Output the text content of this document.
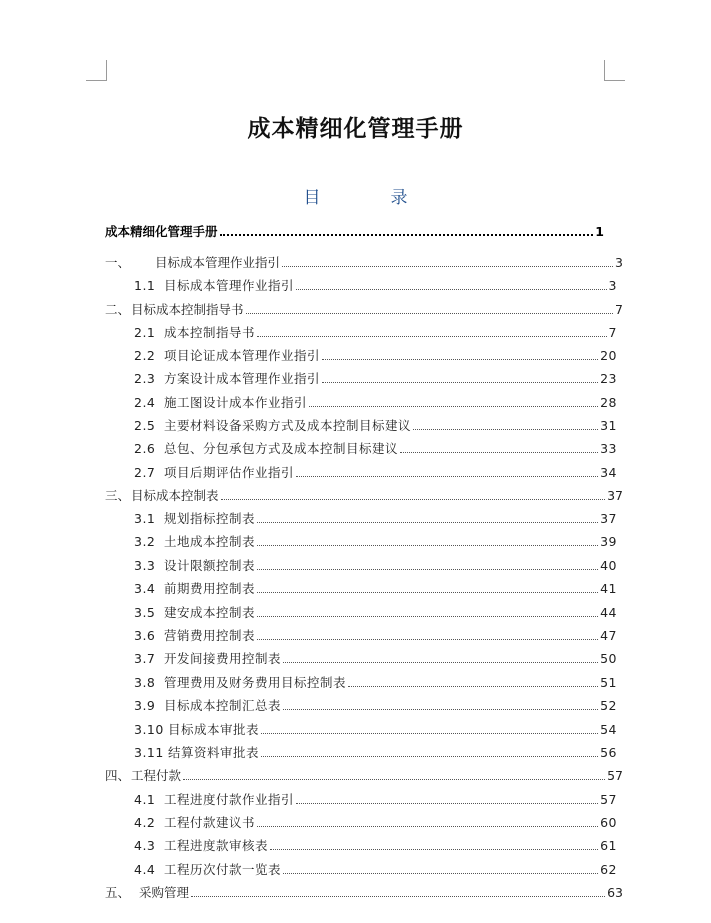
成本精细化管理手册
目	录
成本精细化管理手册	1
一、	目标成本管理作业指引	3
1.1 目标成本管理作业指引	3
二、 目标成本控制指导书	7
2.1 成本控制指导书	7
2.2 项目论证成本管理作业指引	20
2.3 方案设计成本管理作业指引	23
2.4 施工图设计成本作业指引	28
2.5 主要材料设备采购方式及成本控制目标建议	31
2.6 总包、分包承包方式及成本控制目标建议	33
2.7 项目后期评估作业指引	34
三、 目标成本控制表	37
3.1 规划指标控制表	37
3.2 土地成本控制表	39
3.3 设计限额控制表	40
3.4 前期费用控制表	41
3.5 建安成本控制表	44
3.6 营销费用控制表	47
3.7 开发间接费用控制表	50
3.8 管理费用及财务费用目标控制表	51
3.9 目标成本控制汇总表	52
3.10 目标成本审批表	54
3.11 结算资料审批表	56
四、 工程付款	57
4.1 工程进度付款作业指引	57
4.2 工程付款建议书	60
4.3 工程进度款审核表	61
4.4 工程历次付款一览表	62
五、 采购管理	63
